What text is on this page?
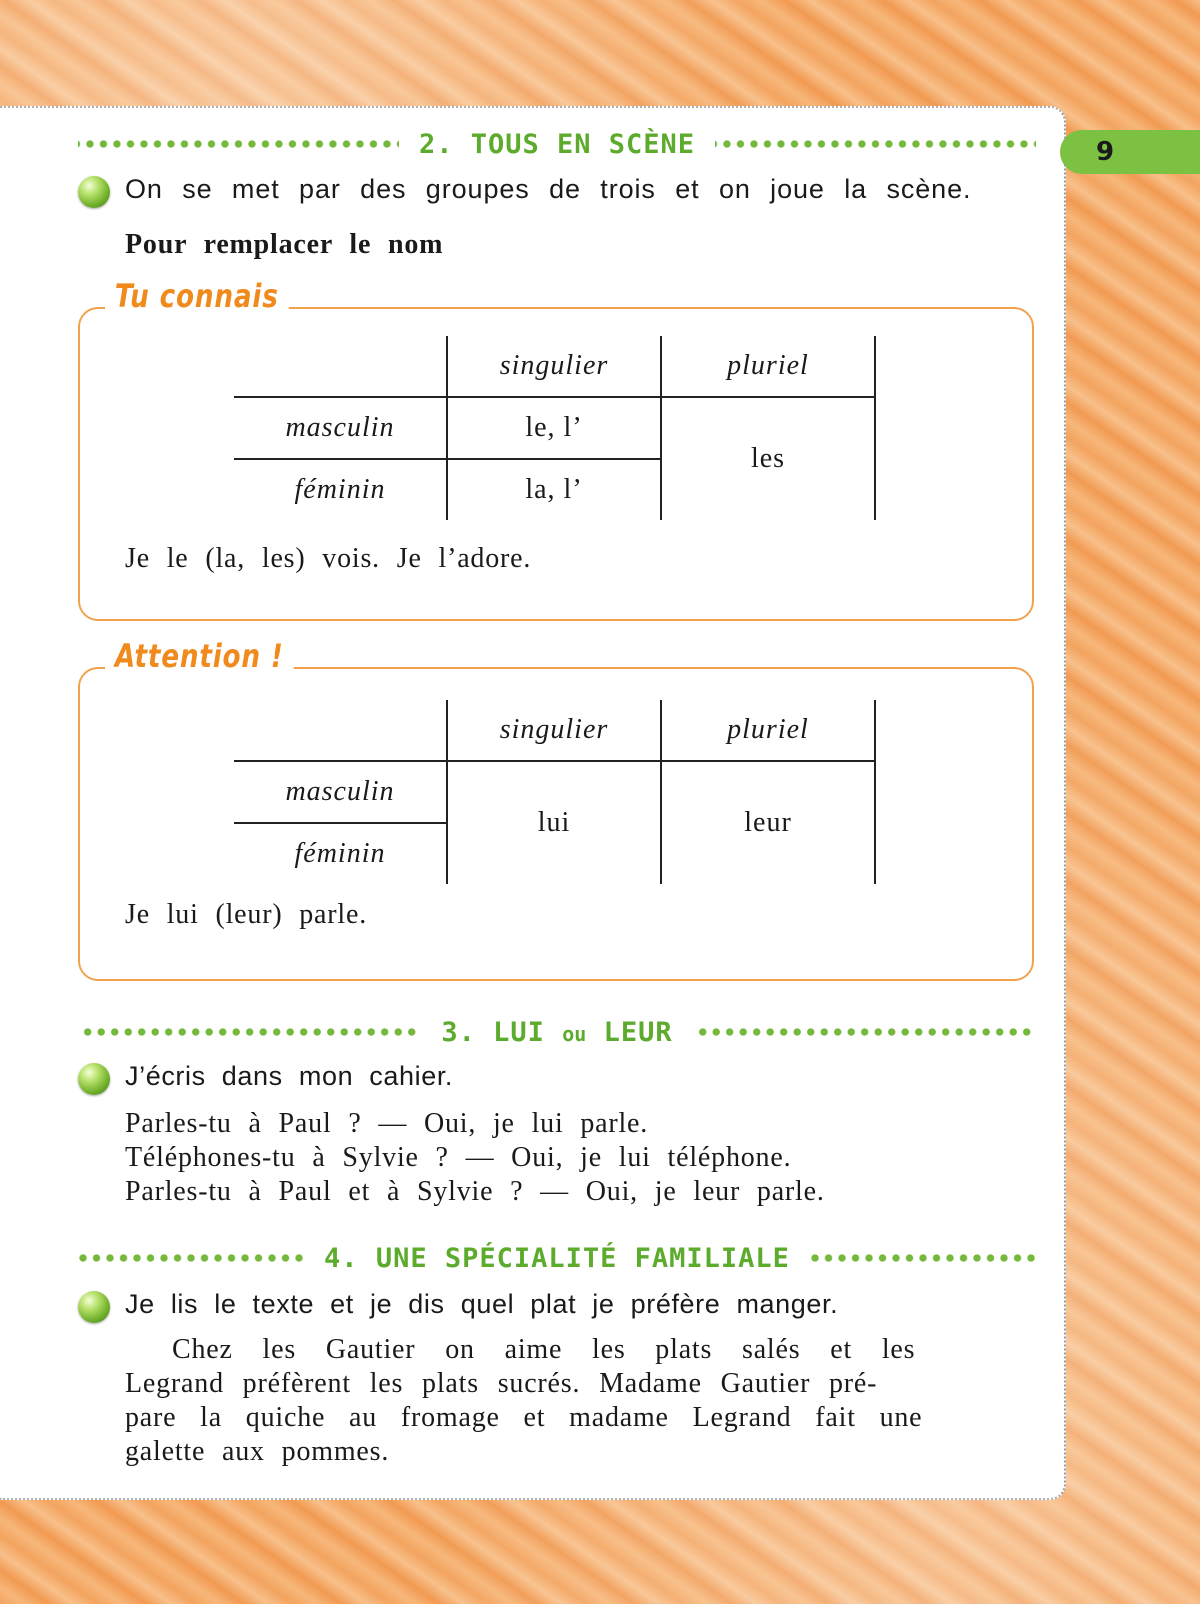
9
2. TOUS EN SCÈNE
On se met par des groupes de trois et on joue la scène.
Pour remplacer le nom
Tu connais
	singulier	pluriel
masculin	le, l’	les
féminin	la, l’	
Je le (la, les) vois. Je l’adore.
Attention !
	singulier	pluriel
masculin	lui	leur
féminin		
Je lui (leur) parle.
3. LUI ou LEUR
J’écris dans mon cahier.
Parles-tu à Paul ? — Oui, je lui parle.
Téléphones-tu à Sylvie ? — Oui, je lui téléphone.
Parles-tu à Paul et à Sylvie ? — Oui, je leur parle.
4. UNE SPÉCIALITÉ FAMILIALE
Je lis le texte et je dis quel plat je préfère manger.
Chez les Gautier on aime les plats salés et les
Legrand préfèrent les plats sucrés. Madame Gautier pré-
pare la quiche au fromage et madame Legrand fait une
galette aux pommes.
